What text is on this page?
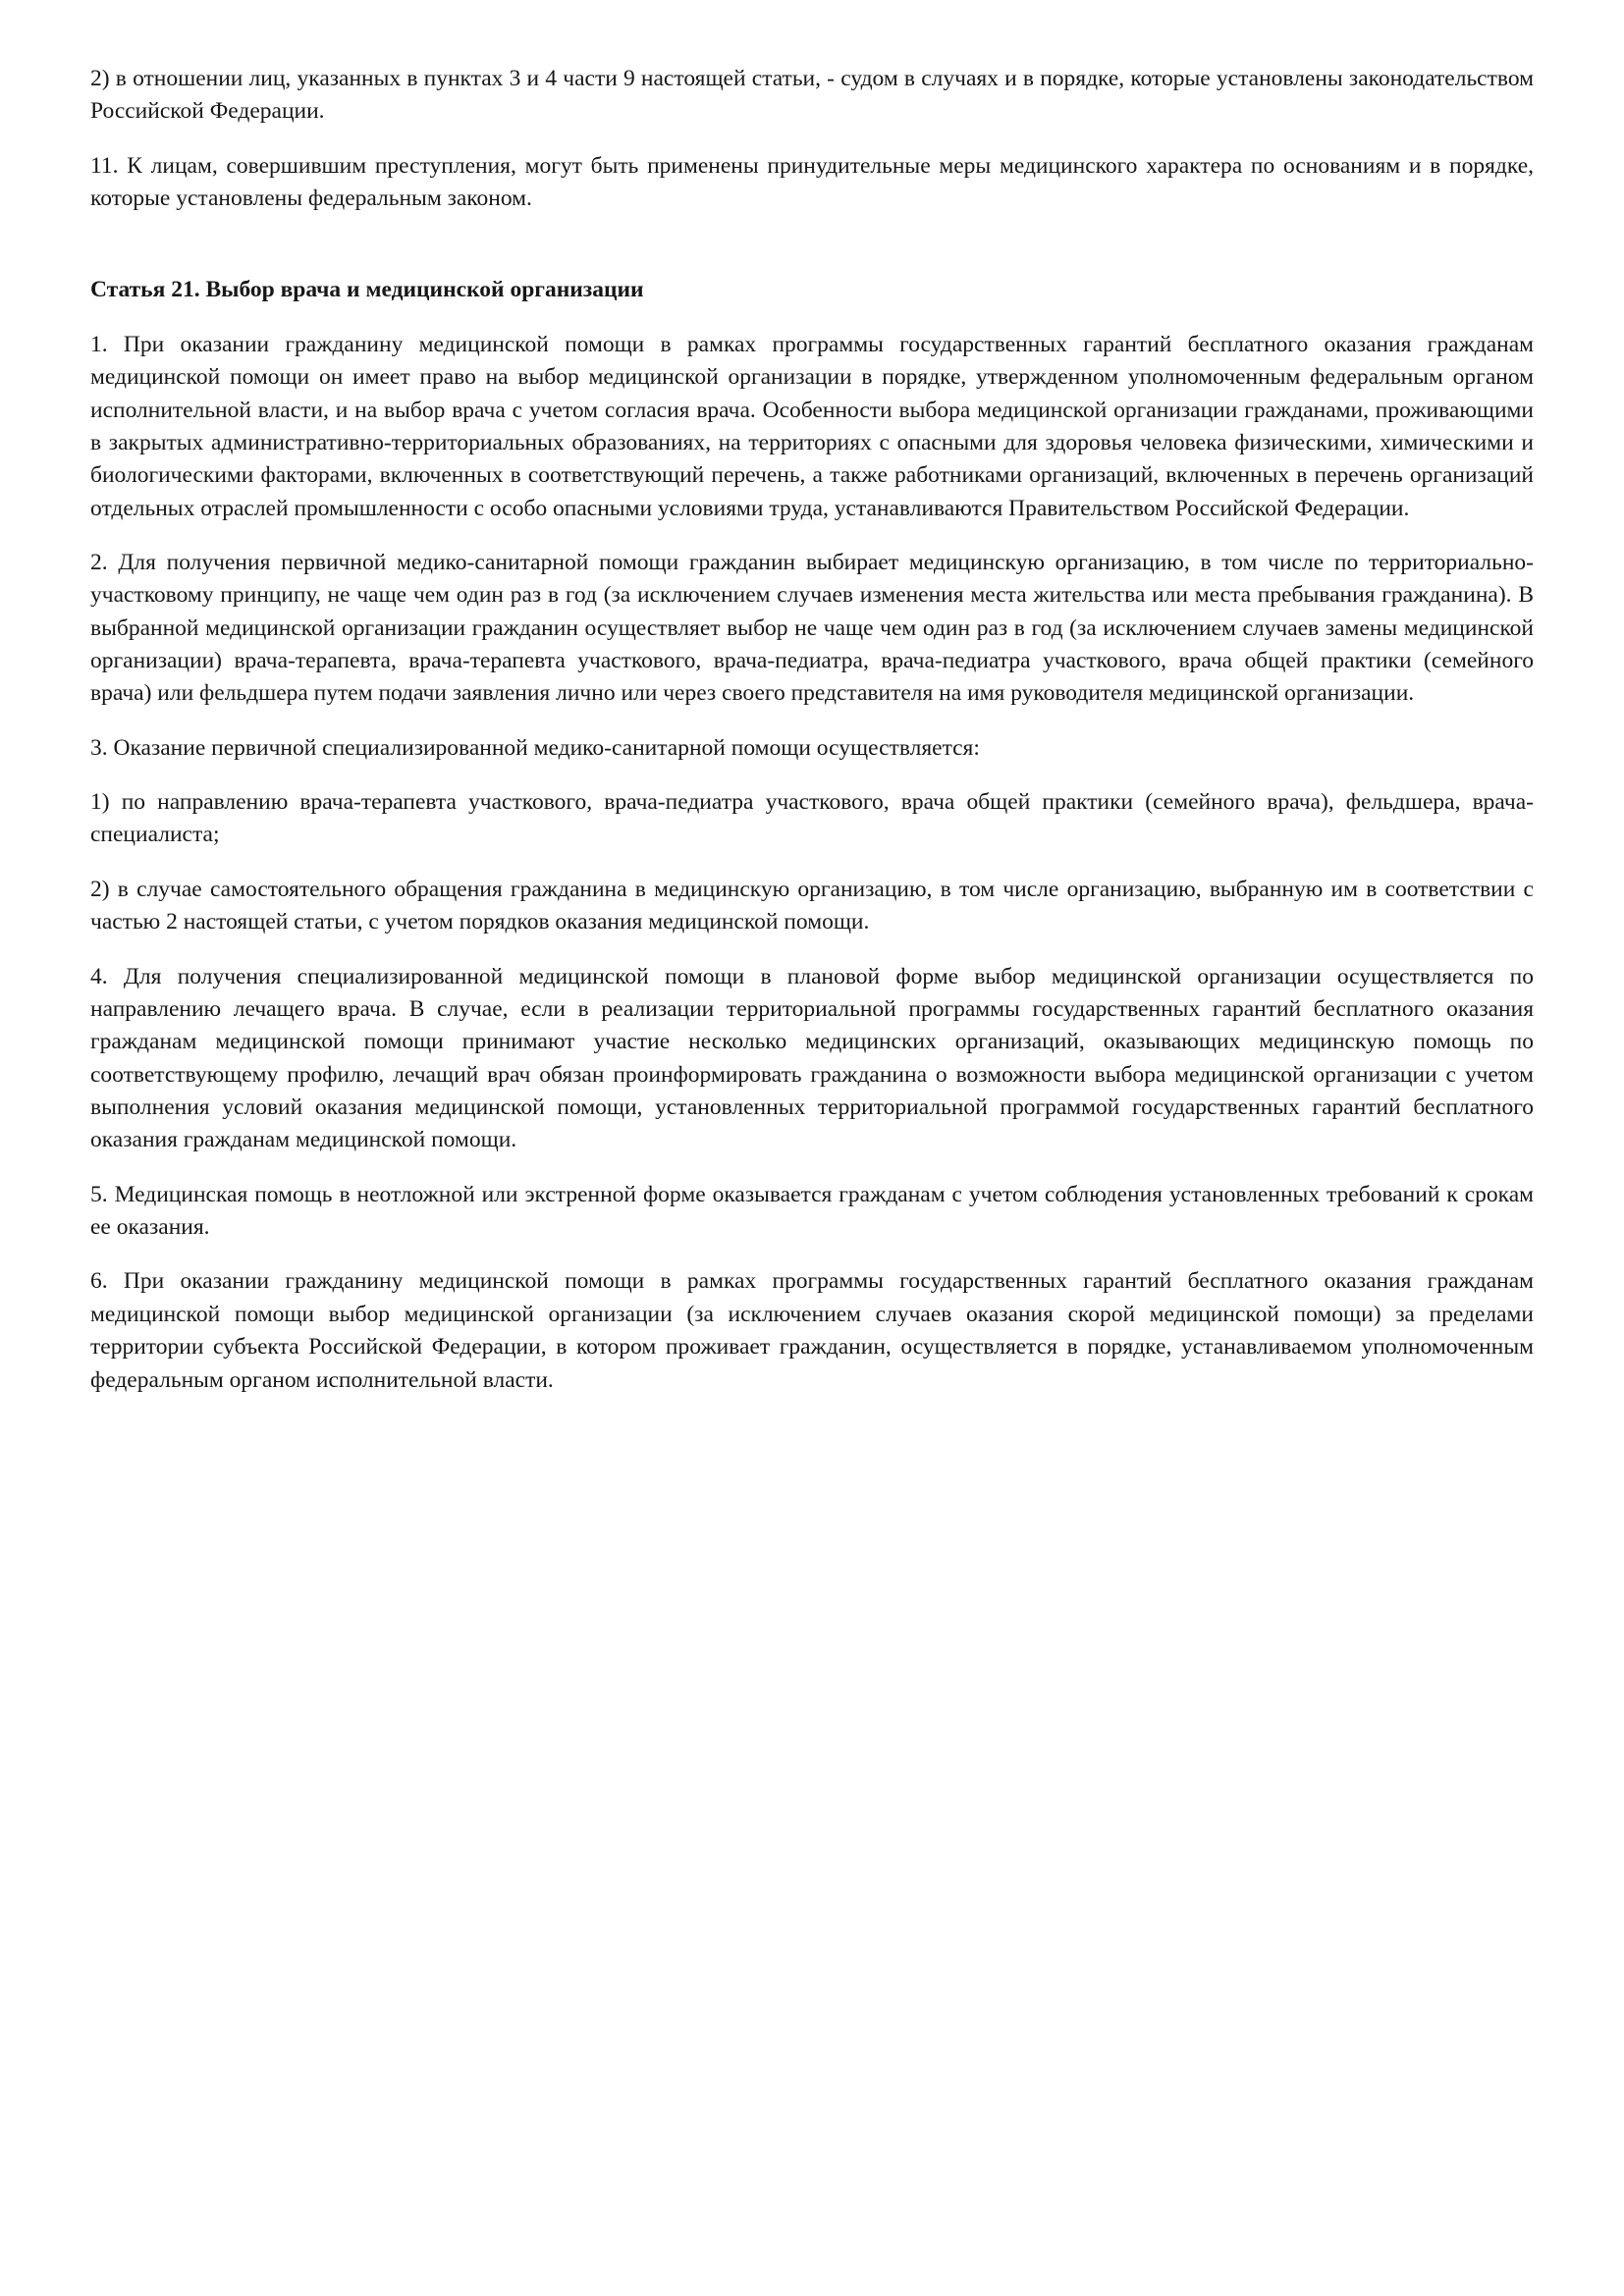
2) в отношении лиц, указанных в пунктах 3 и 4 части 9 настоящей статьи, - судом в случаях и в порядке, которые установлены законодательством Российской Федерации.

11. К лицам, совершившим преступления, могут быть применены принудительные меры медицинского характера по основаниям и в порядке, которые установлены федеральным законом.

Статья 21. Выбор врача и медицинской организации

1. При оказании гражданину медицинской помощи в рамках программы государственных гарантий бесплатного оказания гражданам медицинской помощи он имеет право на выбор медицинской организации в порядке, утвержденном уполномоченным федеральным органом исполнительной власти, и на выбор врача с учетом согласия врача. Особенности выбора медицинской организации гражданами, проживающими в закрытых административно-территориальных образованиях, на территориях с опасными для здоровья человека физическими, химическими и биологическими факторами, включенных в соответствующий перечень, а также работниками организаций, включенных в перечень организаций отдельных отраслей промышленности с особо опасными условиями труда, устанавливаются Правительством Российской Федерации.

2. Для получения первичной медико-санитарной помощи гражданин выбирает медицинскую организацию, в том числе по территориально-участковому принципу, не чаще чем один раз в год (за исключением случаев изменения места жительства или места пребывания гражданина). В выбранной медицинской организации гражданин осуществляет выбор не чаще чем один раз в год (за исключением случаев замены медицинской организации) врача-терапевта, врача-терапевта участкового, врача-педиатра, врача-педиатра участкового, врача общей практики (семейного врача) или фельдшера путем подачи заявления лично или через своего представителя на имя руководителя медицинской организации.

3. Оказание первичной специализированной медико-санитарной помощи осуществляется:

1) по направлению врача-терапевта участкового, врача-педиатра участкового, врача общей практики (семейного врача), фельдшера, врача-специалиста;

2) в случае самостоятельного обращения гражданина в медицинскую организацию, в том числе организацию, выбранную им в соответствии с частью 2 настоящей статьи, с учетом порядков оказания медицинской помощи.

4. Для получения специализированной медицинской помощи в плановой форме выбор медицинской организации осуществляется по направлению лечащего врача. В случае, если в реализации территориальной программы государственных гарантий бесплатного оказания гражданам медицинской помощи принимают участие несколько медицинских организаций, оказывающих медицинскую помощь по соответствующему профилю, лечащий врач обязан проинформировать гражданина о возможности выбора медицинской организации с учетом выполнения условий оказания медицинской помощи, установленных территориальной программой государственных гарантий бесплатного оказания гражданам медицинской помощи.

5. Медицинская помощь в неотложной или экстренной форме оказывается гражданам с учетом соблюдения установленных требований к срокам ее оказания.

6. При оказании гражданину медицинской помощи в рамках программы государственных гарантий бесплатного оказания гражданам медицинской помощи выбор медицинской организации (за исключением случаев оказания скорой медицинской помощи) за пределами территории субъекта Российской Федерации, в котором проживает гражданин, осуществляется в порядке, устанавливаемом уполномоченным федеральным органом исполнительной власти.
